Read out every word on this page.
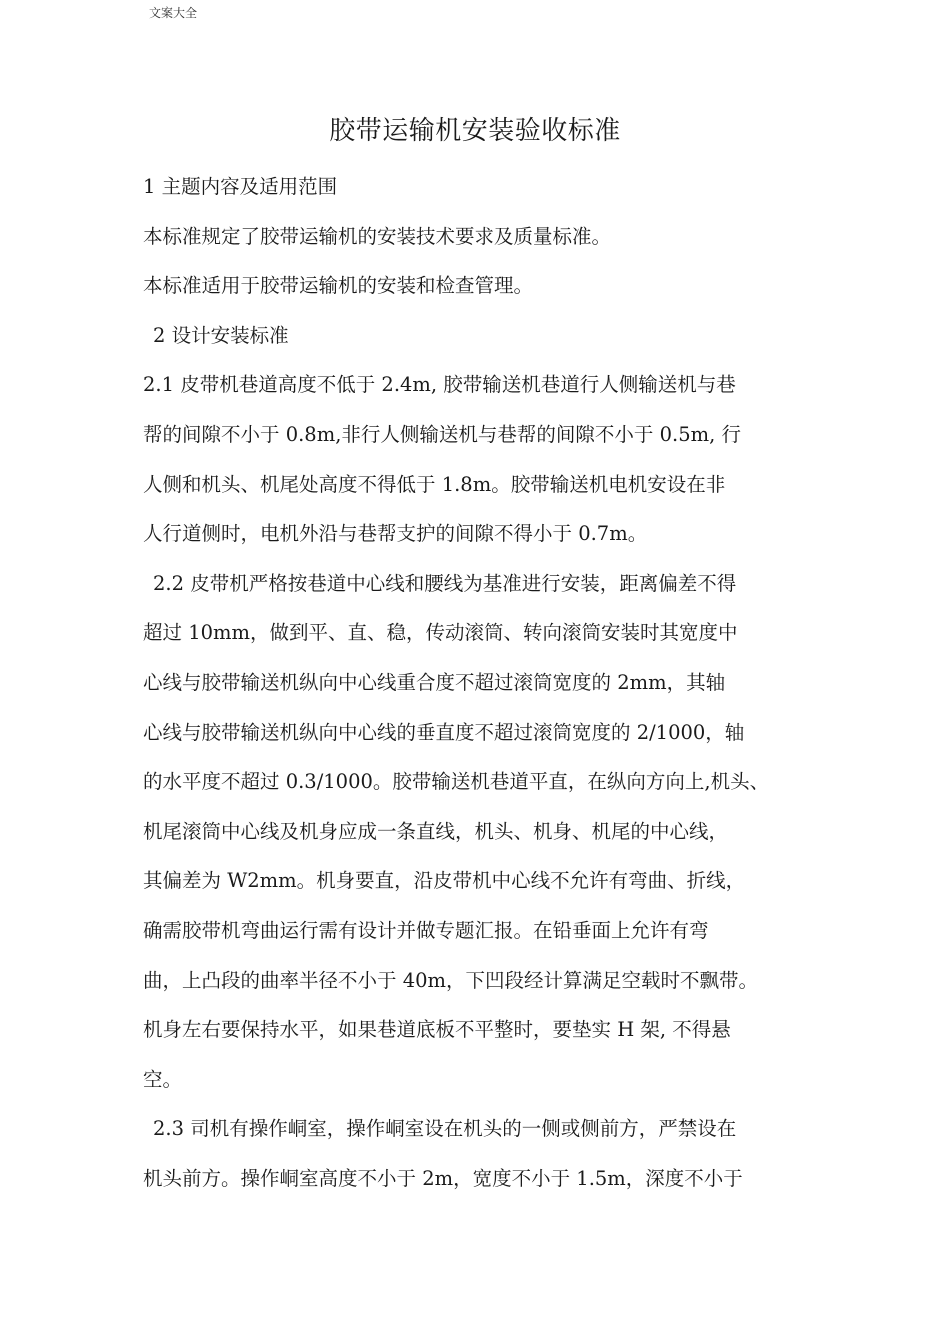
文案大全
胶带运输机安装验收标准
1 主题内容及适用范围
本标准规定了胶带运输机的安装技术要求及质量标准。
本标准适用于胶带运输机的安装和检查管理。
2 设计安装标准
2.1 皮带机巷道高度不低于 2.4m, 胶带输送机巷道行人侧输送机与巷
帮的间隙不小于 0.8m,非行人侧输送机与巷帮的间隙不小于 0.5m, 行
人侧和机头、机尾处高度不得低于 1.8m。胶带输送机电机安设在非
人行道侧时，电机外沿与巷帮支护的间隙不得小于 0.7m。
2.2 皮带机严格按巷道中心线和腰线为基准进行安装，距离偏差不得
超过 10mm，做到平、直、稳，传动滚筒、转向滚筒安装时其宽度中
心线与胶带输送机纵向中心线重合度不超过滚筒宽度的 2mm，其轴
心线与胶带输送机纵向中心线的垂直度不超过滚筒宽度的 2/1000，轴
的水平度不超过 0.3/1000。胶带输送机巷道平直，在纵向方向上,机头、
机尾滚筒中心线及机身应成一条直线，机头、机身、机尾的中心线，
其偏差为 W2mm。机身要直，沿皮带机中心线不允许有弯曲、折线，
确需胶带机弯曲运行需有设计并做专题汇报。在铅垂面上允许有弯
曲，上凸段的曲率半径不小于 40m，下凹段经计算满足空载时不飘带。
机身左右要保持水平，如果巷道底板不平整时，要垫实 H 架, 不得悬
空。
2.3 司机有操作峒室，操作峒室设在机头的一侧或侧前方，严禁设在
机头前方。操作峒室高度不小于 2m，宽度不小于 1.5m，深度不小于
